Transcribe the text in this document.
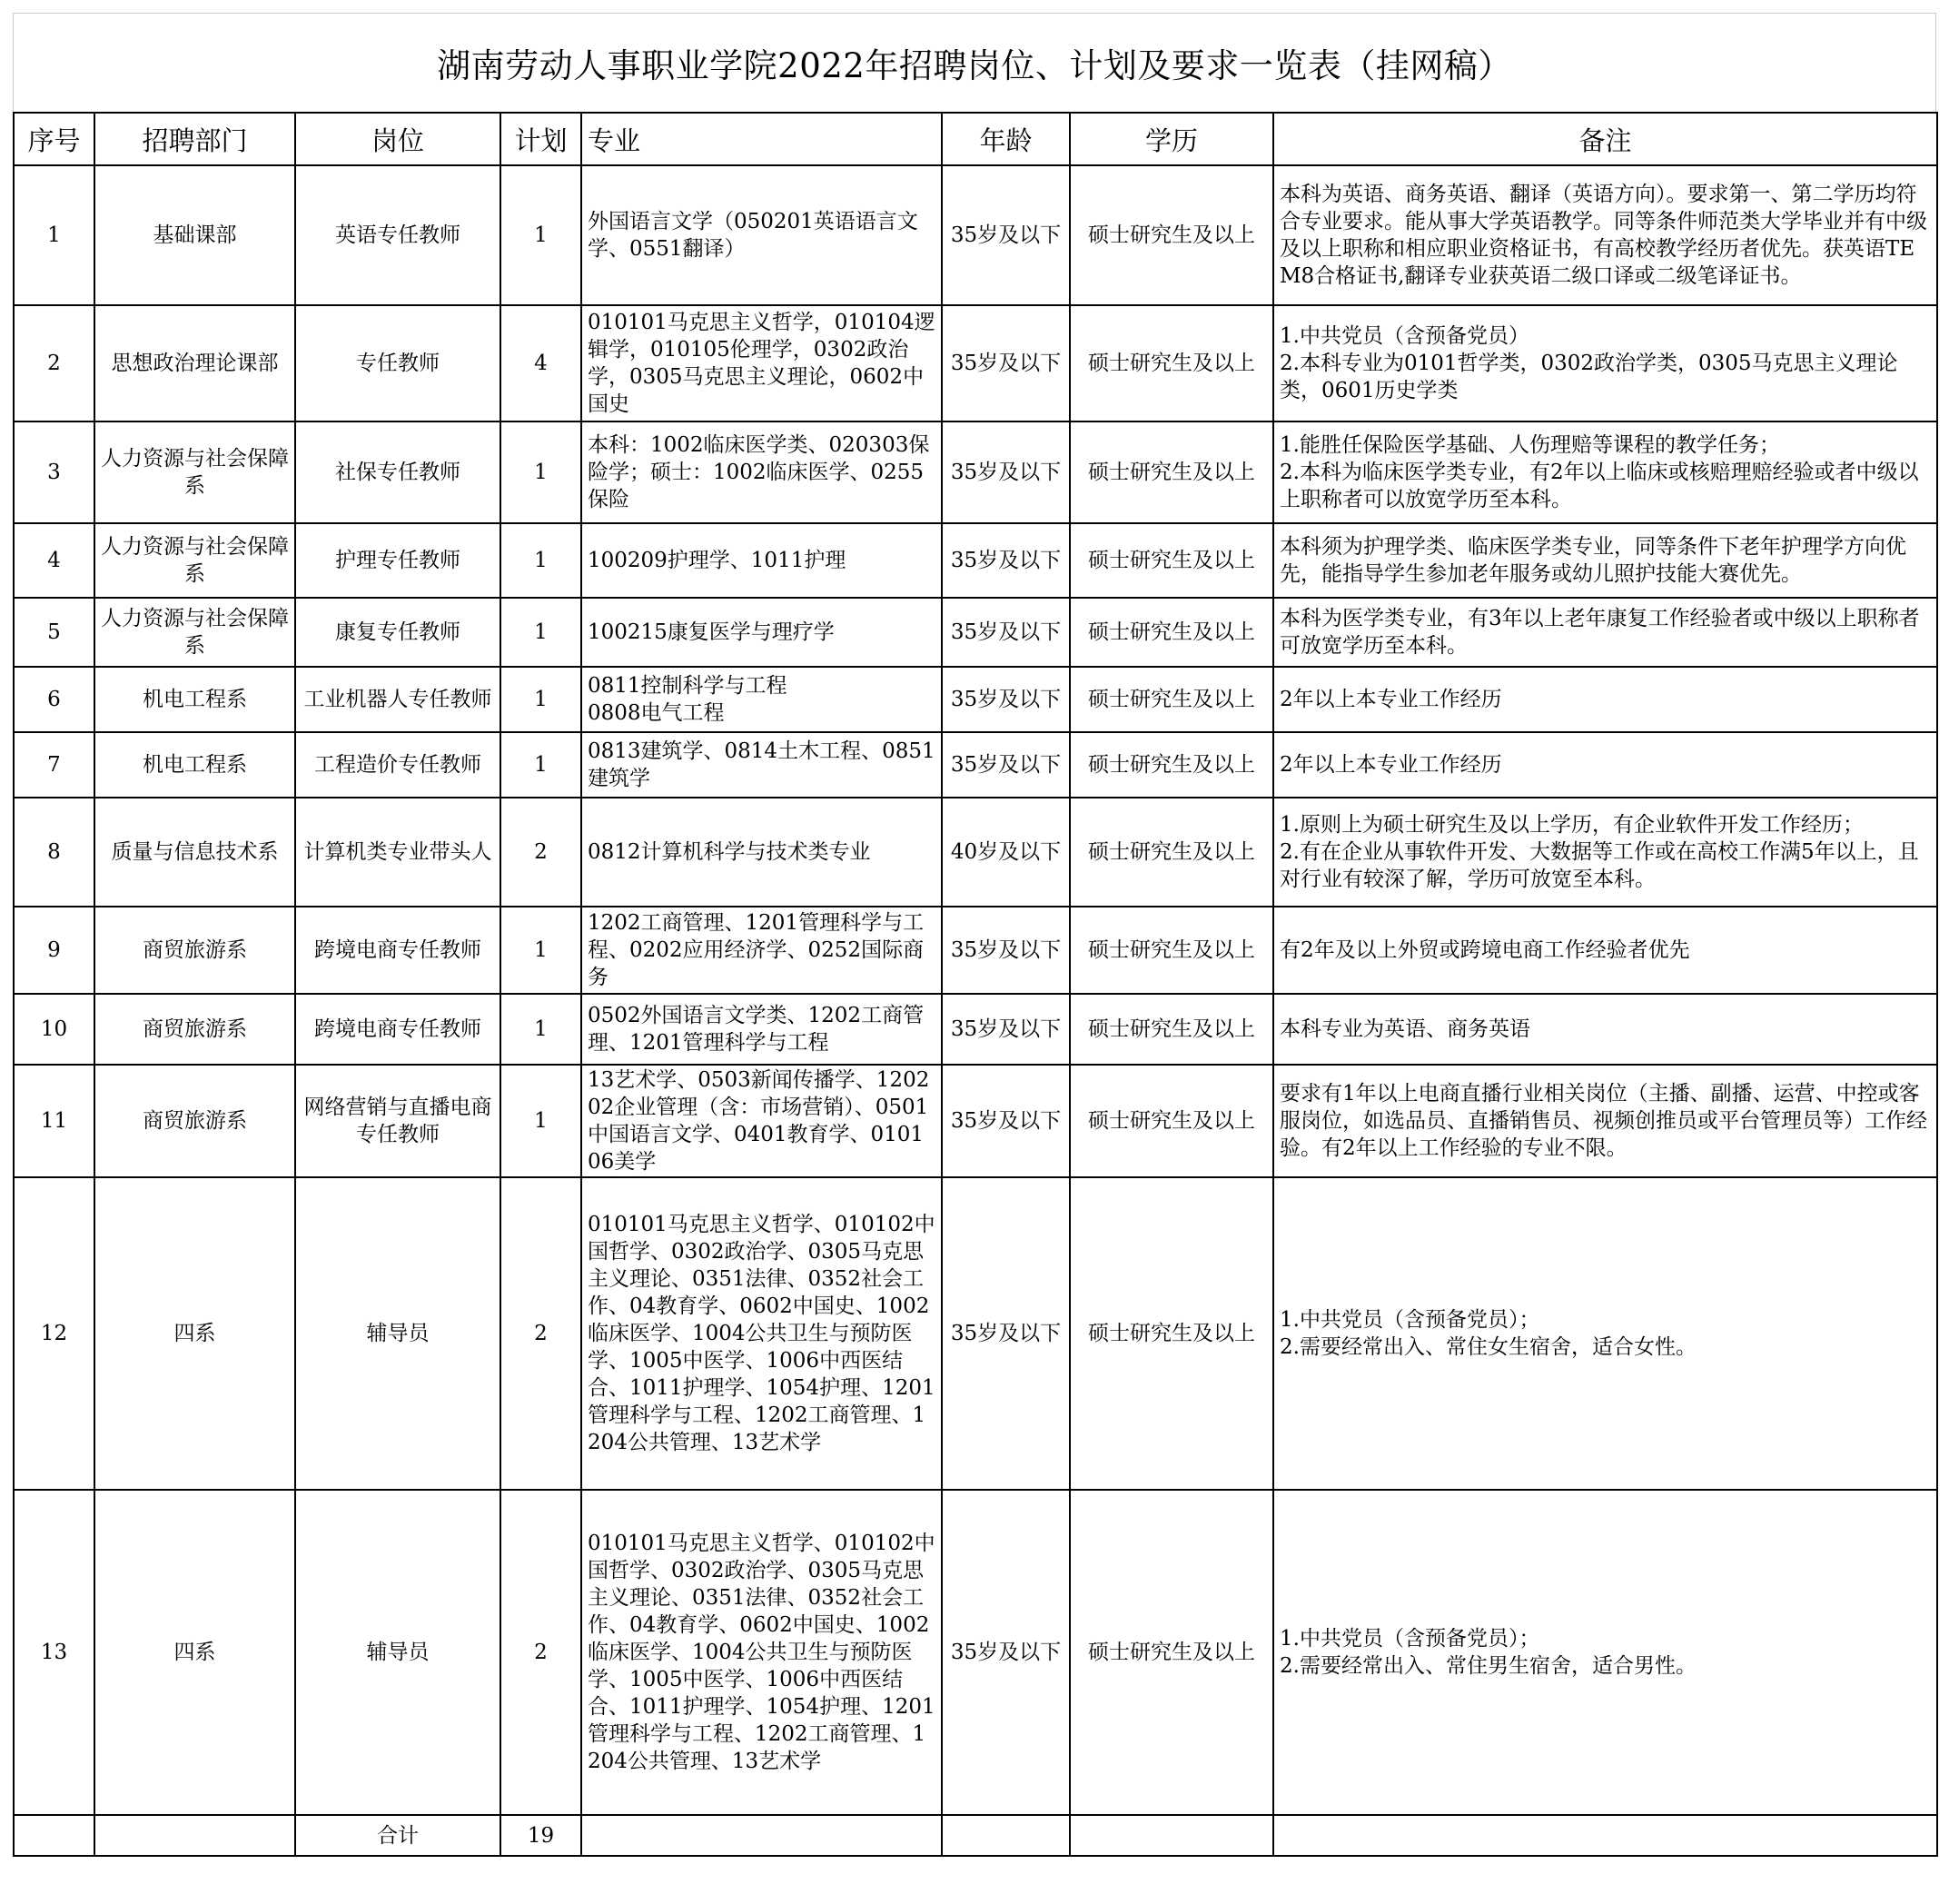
湖南劳动人事职业学院2022年招聘岗位、计划及要求一览表（挂网稿）
序号	招聘部门	岗位	计划	专业	年龄	学历	备注
1	基础课部	英语专任教师	1	外国语言文学（050201英语语言文学、0551翻译）	35岁及以下	硕士研究生及以上	本科为英语、商务英语、翻译（英语方向）。要求第一、第二学历均符合专业要求。能从事大学英语教学。同等条件师范类大学毕业并有中级及以上职称和相应职业资格证书，有高校教学经历者优先。获英语TEM8合格证书,翻译专业获英语二级口译或二级笔译证书。
2	思想政治理论课部	专任教师	4	010101马克思主义哲学，010104逻辑学，010105伦理学，0302政治学，0305马克思主义理论，0602中国史	35岁及以下	硕士研究生及以上	1.中共党员（含预备党员）
2.本科专业为0101哲学类，0302政治学类，0305马克思主义理论类，0601历史学类
3	人力资源与社会保障系	社保专任教师	1	本科：1002临床医学类、020303保险学；硕士：1002临床医学、0255保险	35岁及以下	硕士研究生及以上	1.能胜任保险医学基础、人伤理赔等课程的教学任务；
2.本科为临床医学类专业，有2年以上临床或核赔理赔经验或者中级以上职称者可以放宽学历至本科。
4	人力资源与社会保障系	护理专任教师	1	100209护理学、1011护理	35岁及以下	硕士研究生及以上	本科须为护理学类、临床医学类专业，同等条件下老年护理学方向优先，能指导学生参加老年服务或幼儿照护技能大赛优先。
5	人力资源与社会保障系	康复专任教师	1	100215康复医学与理疗学	35岁及以下	硕士研究生及以上	本科为医学类专业，有3年以上老年康复工作经验者或中级以上职称者可放宽学历至本科。
6	机电工程系	工业机器人专任教师	1	0811控制科学与工程
0808电气工程	35岁及以下	硕士研究生及以上	2年以上本专业工作经历
7	机电工程系	工程造价专任教师	1	0813建筑学、0814土木工程、0851建筑学	35岁及以下	硕士研究生及以上	2年以上本专业工作经历
8	质量与信息技术系	计算机类专业带头人	2	0812计算机科学与技术类专业	40岁及以下	硕士研究生及以上	1.原则上为硕士研究生及以上学历，有企业软件开发工作经历；
2.有在企业从事软件开发、大数据等工作或在高校工作满5年以上，且对行业有较深了解，学历可放宽至本科。
9	商贸旅游系	跨境电商专任教师	1	1202工商管理、1201管理科学与工程、0202应用经济学、0252国际商务	35岁及以下	硕士研究生及以上	有2年及以上外贸或跨境电商工作经验者优先
10	商贸旅游系	跨境电商专任教师	1	0502外国语言文学类、1202工商管理、1201管理科学与工程	35岁及以下	硕士研究生及以上	本科专业为英语、商务英语
11	商贸旅游系	网络营销与直播电商专任教师	1	13艺术学、0503新闻传播学、120202企业管理（含：市场营销）、0501中国语言文学、0401教育学、010106美学	35岁及以下	硕士研究生及以上	要求有1年以上电商直播行业相关岗位（主播、副播、运营、中控或客服岗位，如选品员、直播销售员、视频创推员或平台管理员等）工作经验。有2年以上工作经验的专业不限。
12	四系	辅导员	2	010101马克思主义哲学、010102中国哲学、0302政治学、0305马克思主义理论、0351法律、0352社会工作、04教育学、0602中国史、1002临床医学、1004公共卫生与预防医学、1005中医学、1006中西医结合、1011护理学、1054护理、1201管理科学与工程、1202工商管理、1204公共管理、13艺术学	35岁及以下	硕士研究生及以上	1.中共党员（含预备党员）；
2.需要经常出入、常住女生宿舍，适合女性。
13	四系	辅导员	2	010101马克思主义哲学、010102中国哲学、0302政治学、0305马克思主义理论、0351法律、0352社会工作、04教育学、0602中国史、1002临床医学、1004公共卫生与预防医学、1005中医学、1006中西医结合、1011护理学、1054护理、1201管理科学与工程、1202工商管理、1204公共管理、13艺术学	35岁及以下	硕士研究生及以上	1.中共党员（含预备党员）；
2.需要经常出入、常住男生宿舍，适合男性。
		合计	19				
